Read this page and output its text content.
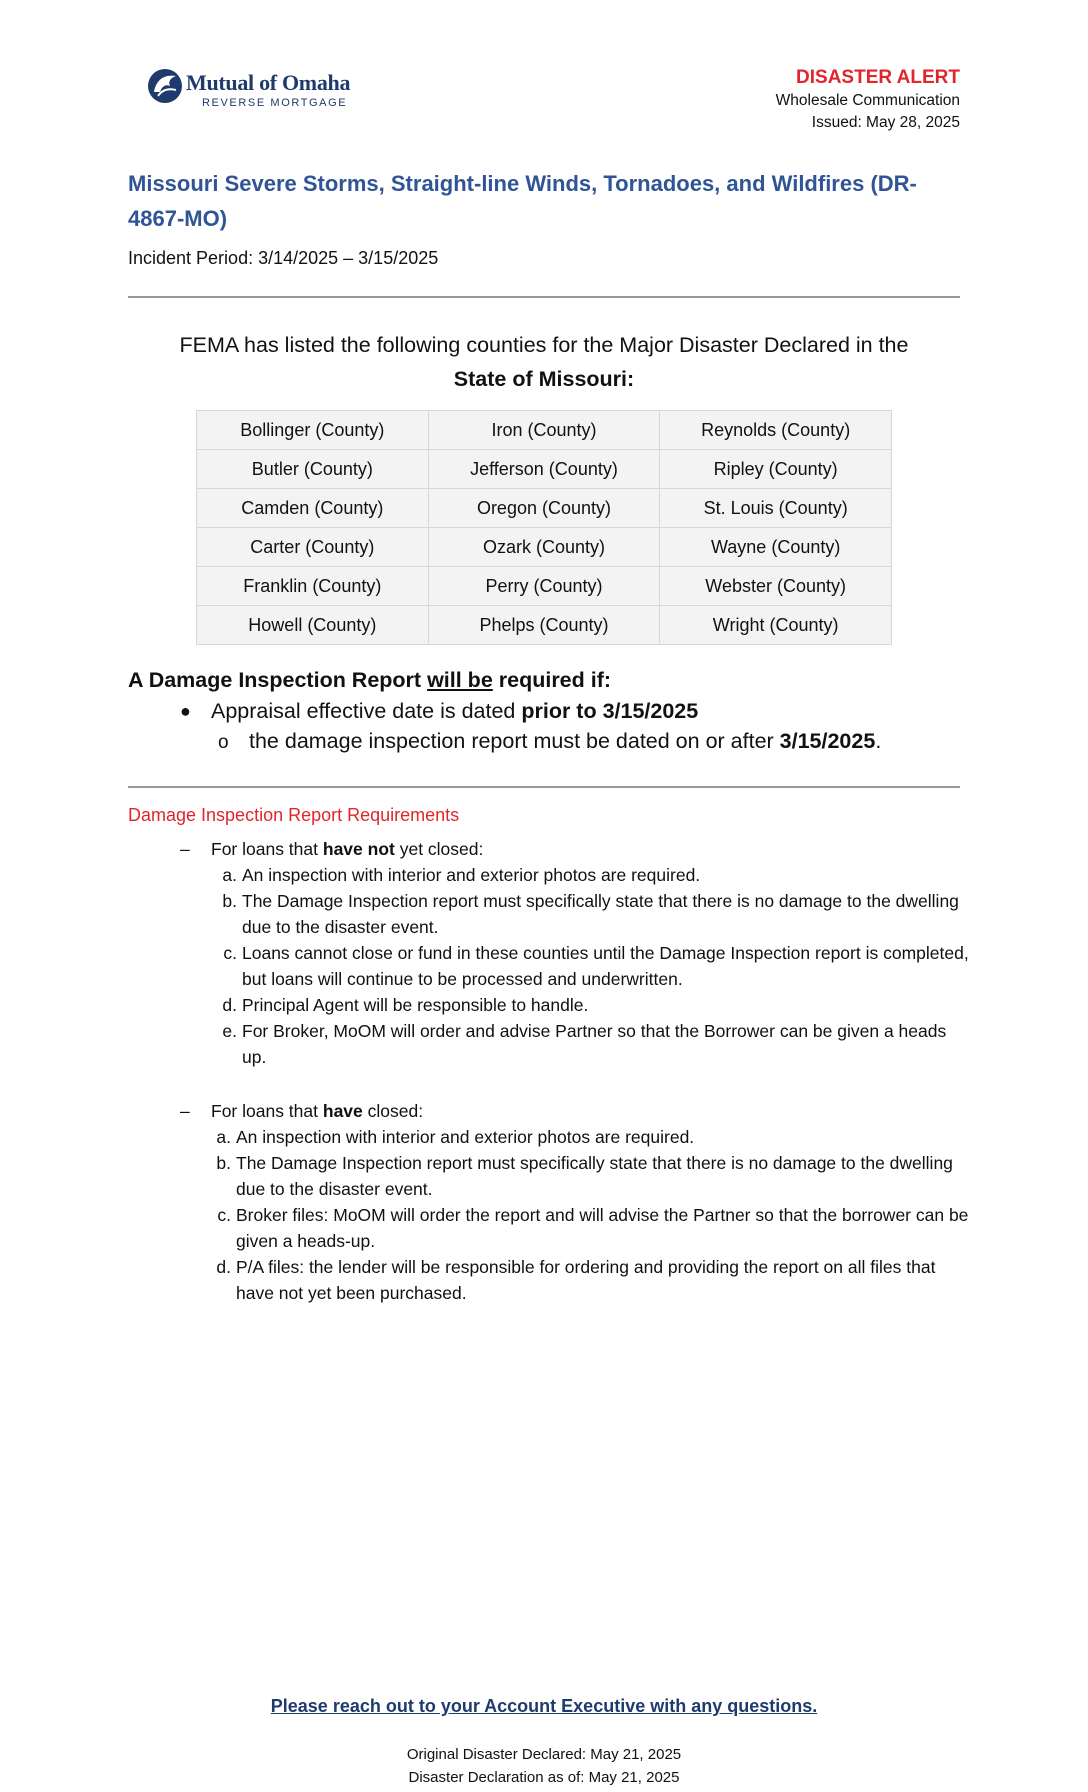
Mutual of Omaha
REVERSE MORTGAGE
DISASTER ALERT
Wholesale Communication
Issued: May 28, 2025
Missouri Severe Storms, Straight-line Winds, Tornadoes, and Wildfires (DR-4867-MO)
Incident Period: 3/14/2025 – 3/15/2025
FEMA has listed the following counties for the Major Disaster Declared in the
State of Missouri:
Bollinger (County)	Iron (County)	Reynolds (County)
Butler (County)	Jefferson (County)	Ripley (County)
Camden (County)	Oregon (County)	St. Louis (County)
Carter (County)	Ozark (County)	Wayne (County)
Franklin (County)	Perry (County)	Webster (County)
Howell (County)	Phelps (County)	Wright (County)
A Damage Inspection Report will be required if:
● Appraisal effective date is dated prior to 3/15/2025
o the damage inspection report must be dated on or after 3/15/2025.
Damage Inspection Report Requirements
– For loans that have not yet closed:
a. An inspection with interior and exterior photos are required.
b. The Damage Inspection report must specifically state that there is no damage to the dwelling due to the disaster event.
c. Loans cannot close or fund in these counties until the Damage Inspection report is completed, but loans will continue to be processed and underwritten.
d. Principal Agent will be responsible to handle.
e. For Broker, MoOM will order and advise Partner so that the Borrower can be given a heads up.
– For loans that have closed:
a. An inspection with interior and exterior photos are required.
b. The Damage Inspection report must specifically state that there is no damage to the dwelling due to the disaster event.
c. Broker files: MoOM will order the report and will advise the Partner so that the borrower can be given a heads-up.
d. P/A files: the lender will be responsible for ordering and providing the report on all files that have not yet been purchased.
Please reach out to your Account Executive with any questions.
Original Disaster Declared: May 21, 2025
Disaster Declaration as of: May 21, 2025
